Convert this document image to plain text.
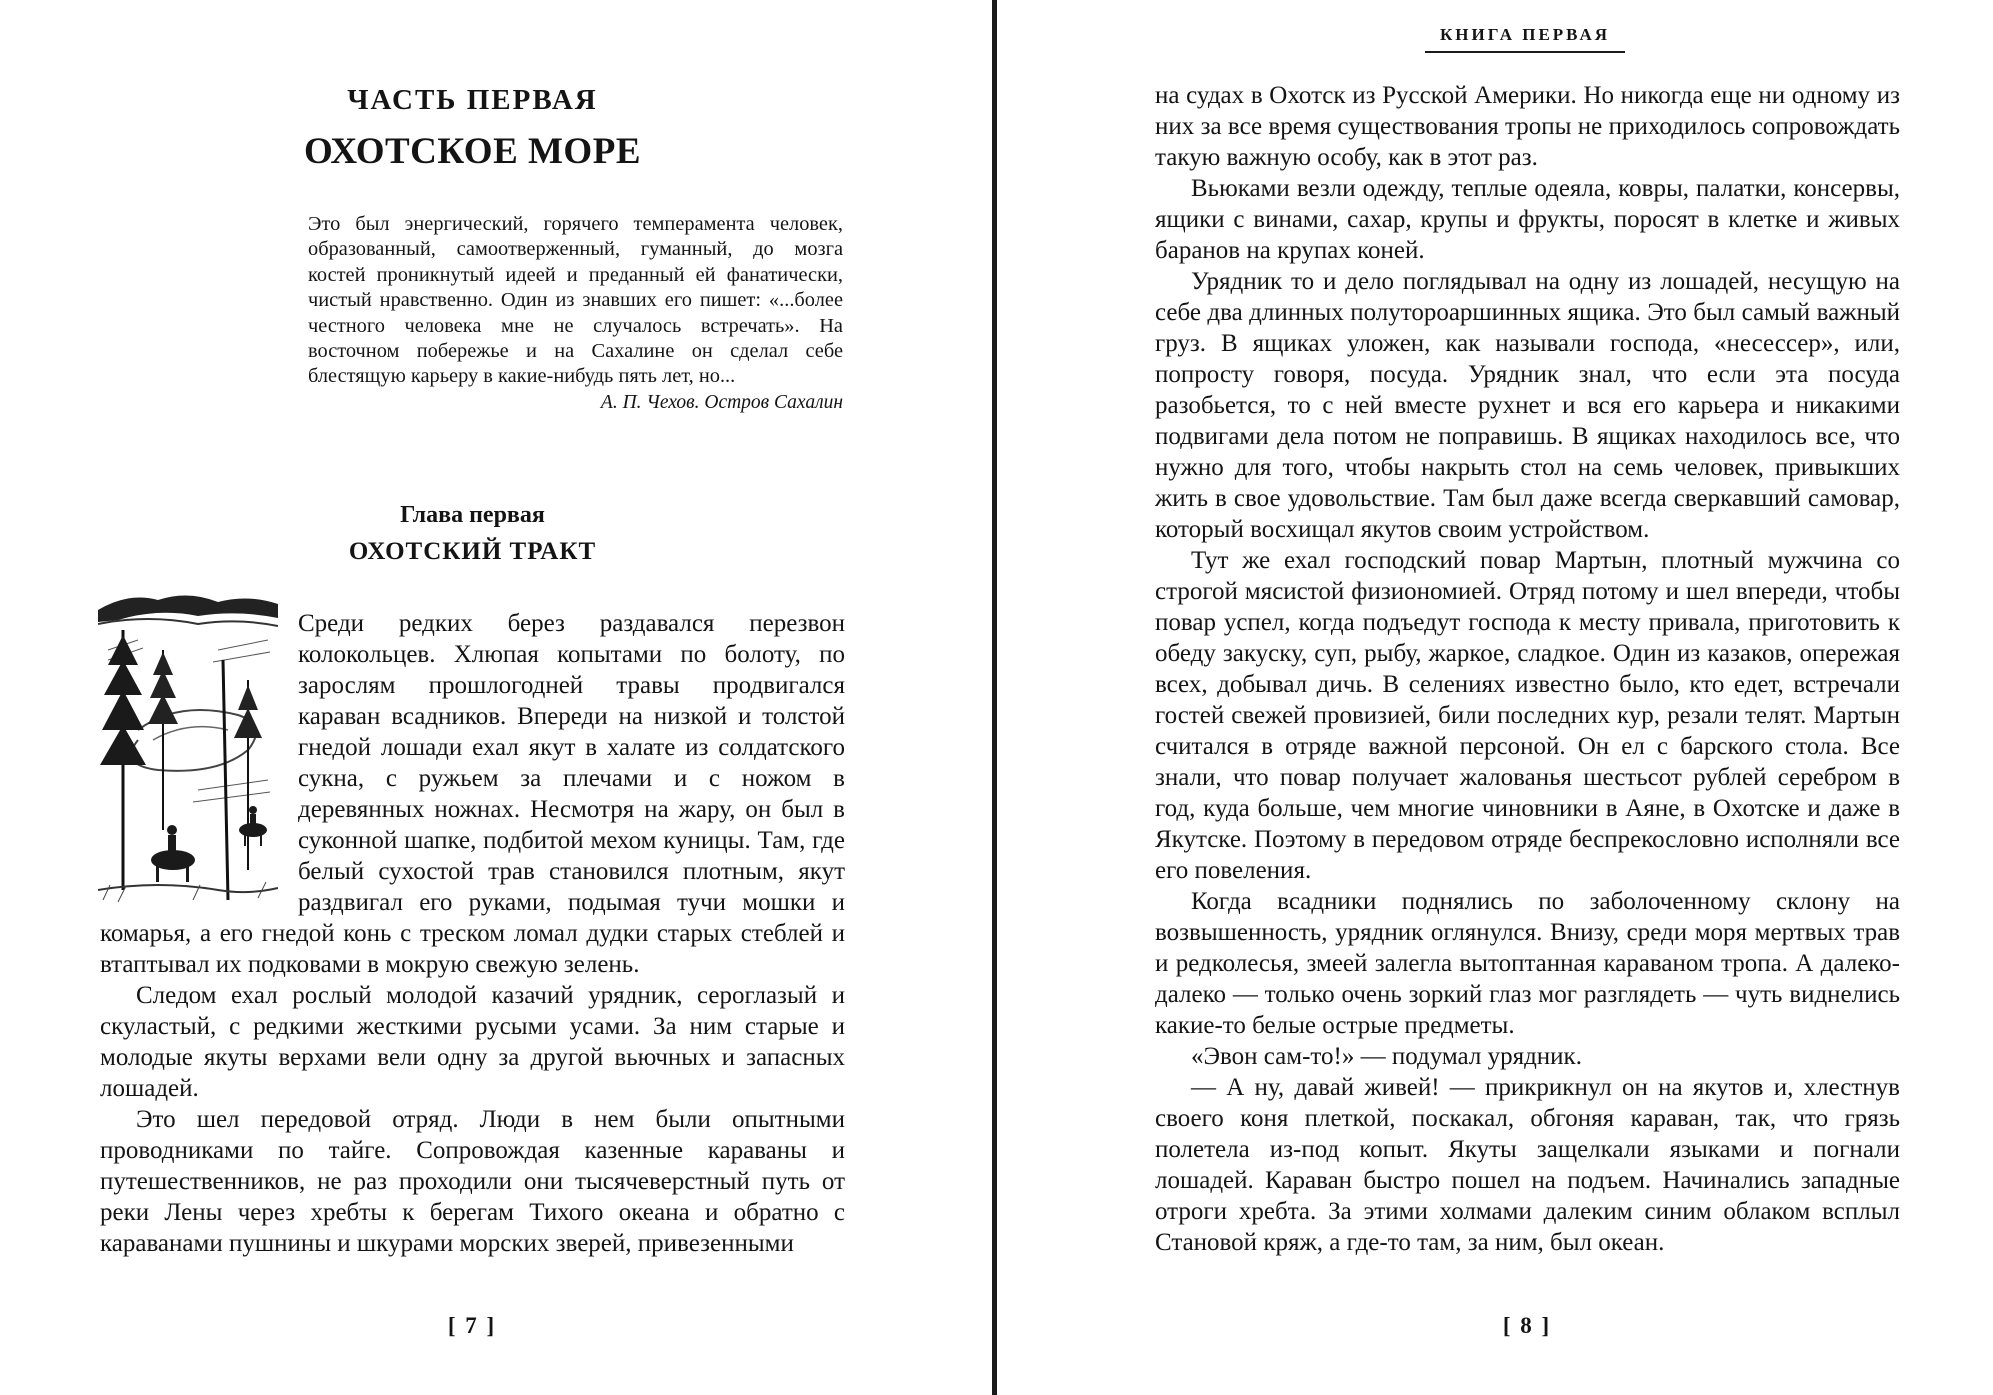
ЧАСТЬ ПЕРВАЯ
ОХОТСКОЕ МОРЕ
Это был энергический, горячего темперамента человек, образованный, самоотверженный, гуманный, до мозга костей проникнутый идеей и преданный ей фанатически, чистый нравственно. Один из знавших его пишет: «...более честного человека мне не случалось встречать». На восточном побережье и на Сахалине он сделал себе блестящую карьеру в какие-нибудь пять лет, но...
А. П. Чехов. Остров Сахалин
Глава первая
ОХОТСКИЙ ТРАКТ

Среди редких берез раздавался перезвон колокольцев. Хлюпая копытами по болоту, по зарослям прошлогодней травы продвигался караван всадников. Впереди на низкой и толстой гнедой лошади ехал якут в халате из солдатского сукна, с ружьем за плечами и с ножом в деревянных ножнах. Несмотря на жару, он был в суконной шапке, подбитой мехом куницы. Там, где белый сухостой трав становился плотным, якут раздвигал его руками, подымая тучи мошки и комарья, а его гнедой конь с треском ломал дудки старых стеблей и втаптывал их подковами в мокрую свежую зелень.

Следом ехал рослый молодой казачий урядник, сероглазый и скуластый, с редкими жесткими русыми усами. За ним старые и молодые якуты верхами вели одну за другой вьючных и запасных лошадей.

Это шел передовой отряд. Люди в нем были опытными проводниками по тайге. Сопровождая казенные караваны и путешественников, не раз проходили они тысячеверстный путь от реки Лены через хребты к берегам Тихого океана и обратно с караванами пушнины и шкурами морских зверей, привезенными

[ 7 ]
КНИГА ПЕРВАЯ

на судах в Охотск из Русской Америки. Но никогда еще ни одному из них за все время существования тропы не приходилось сопровождать такую важную особу, как в этот раз.

Вьюками везли одежду, теплые одеяла, ковры, палатки, консервы, ящики с винами, сахар, крупы и фрукты, поросят в клетке и живых баранов на крупах коней.

Урядник то и дело поглядывал на одну из лошадей, несущую на себе два длинных полутороаршинных ящика. Это был самый важный груз. В ящиках уложен, как называли господа, «несессер», или, попросту говоря, посуда. Урядник знал, что если эта посуда разобьется, то с ней вместе рухнет и вся его карьера и никакими подвигами дела потом не поправишь. В ящиках находилось все, что нужно для того, чтобы накрыть стол на семь человек, привыкших жить в свое удовольствие. Там был даже всегда сверкавший самовар, который восхищал якутов своим устройством.

Тут же ехал господский повар Мартын, плотный мужчина со строгой мясистой физиономией. Отряд потому и шел впереди, чтобы повар успел, когда подъедут господа к месту привала, приготовить к обеду закуску, суп, рыбу, жаркое, сладкое. Один из казаков, опережая всех, добывал дичь. В селениях известно было, кто едет, встречали гостей свежей провизией, били последних кур, резали телят. Мартын считался в отряде важной персоной. Он ел с барского стола. Все знали, что повар получает жалованья шестьсот рублей серебром в год, куда больше, чем многие чиновники в Аяне, в Охотске и даже в Якутске. Поэтому в передовом отряде беспрекословно исполняли все его повеления.

Когда всадники поднялись по заболоченному склону на возвышенность, урядник оглянулся. Внизу, среди моря мертвых трав и редколесья, змеей залегла вытоптанная караваном тропа. А далеко-далеко — только очень зоркий глаз мог разглядеть — чуть виднелись какие-то белые острые предметы.

«Эвон сам-то!» — подумал урядник.

— А ну, давай живей! — прикрикнул он на якутов и, хлестнув своего коня плеткой, поскакал, обгоняя караван, так, что грязь полетела из-под копыт. Якуты защелкали языками и погнали лошадей. Караван быстро пошел на подъем. Начинались западные отроги хребта. За этими холмами далеким синим облаком всплыл Становой кряж, а где-то там, за ним, был океан.

[ 8 ]
